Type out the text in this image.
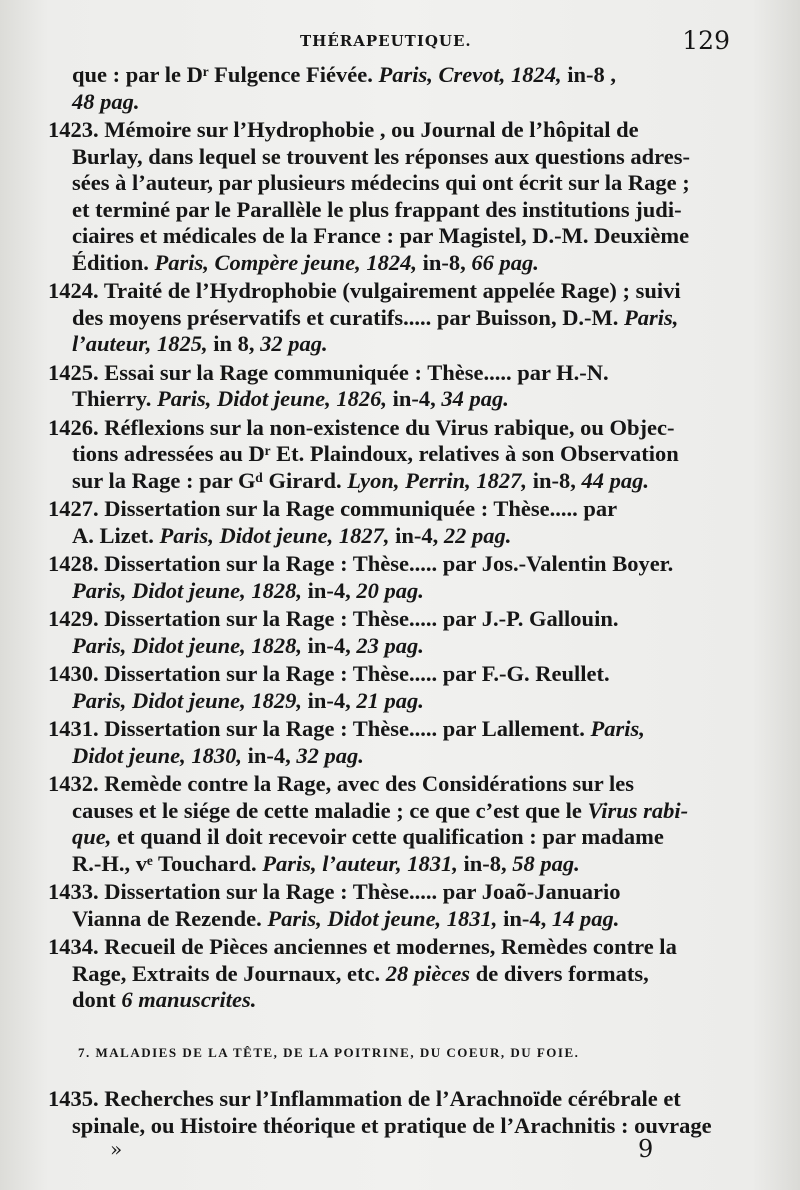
THÉRAPEUTIQUE.	129
que : par le Dʳ Fulgence Fiévée. Paris, Crevot, 1824, in-8 ,
48 pag.
1423. Mémoire sur l’Hydrophobie , ou Journal de l’hôpital de
Burlay, dans lequel se trouvent les réponses aux questions adres-
sées à l’auteur, par plusieurs médecins qui ont écrit sur la Rage ;
et terminé par le Parallèle le plus frappant des institutions judi-
ciaires et médicales de la France : par Magistel, D.-M. Deuxième
Édition. Paris, Compère jeune, 1824, in-8, 66 pag.
1424. Traité de l’Hydrophobie (vulgairement appelée Rage) ; suivi
des moyens préservatifs et curatifs..... par Buisson, D.-M. Paris,
l’auteur, 1825, in 8, 32 pag.
1425. Essai sur la Rage communiquée : Thèse..... par H.-N.
Thierry. Paris, Didot jeune, 1826, in-4, 34 pag.
1426. Réflexions sur la non-existence du Virus rabique, ou Objec-
tions adressées au Dʳ Et. Plaindoux, relatives à son Observation
sur la Rage : par Gᵈ Girard. Lyon, Perrin, 1827, in-8, 44 pag.
1427. Dissertation sur la Rage communiquée : Thèse..... par
A. Lizet. Paris, Didot jeune, 1827, in-4, 22 pag.
1428. Dissertation sur la Rage : Thèse..... par Jos.-Valentin Boyer.
Paris, Didot jeune, 1828, in-4, 20 pag.
1429. Dissertation sur la Rage : Thèse..... par J.-P. Gallouin.
Paris, Didot jeune, 1828, in-4, 23 pag.
1430. Dissertation sur la Rage : Thèse..... par F.-G. Reullet.
Paris, Didot jeune, 1829, in-4, 21 pag.
1431. Dissertation sur la Rage : Thèse..... par Lallement. Paris,
Didot jeune, 1830, in-4, 32 pag.
1432. Remède contre la Rage, avec des Considérations sur les
causes et le siége de cette maladie ; ce que c’est que le Virus rabi-
que, et quand il doit recevoir cette qualification : par madame
R.-H., vᵉ Touchard. Paris, l’auteur, 1831, in-8, 58 pag.
1433. Dissertation sur la Rage : Thèse..... par Joaõ-Januario
Vianna de Rezende. Paris, Didot jeune, 1831, in-4, 14 pag.
1434. Recueil de Pièces anciennes et modernes, Remèdes contre la
Rage, Extraits de Journaux, etc. 28 pièces de divers formats,
dont 6 manuscrites.
7. MALADIES DE LA TÊTE, DE LA POITRINE, DU COEUR, DU FOIE.
1435. Recherches sur l’Inflammation de l’Arachnoïde cérébrale et
spinale, ou Histoire théorique et pratique de l’Arachnitis : ouvrage
»	9
